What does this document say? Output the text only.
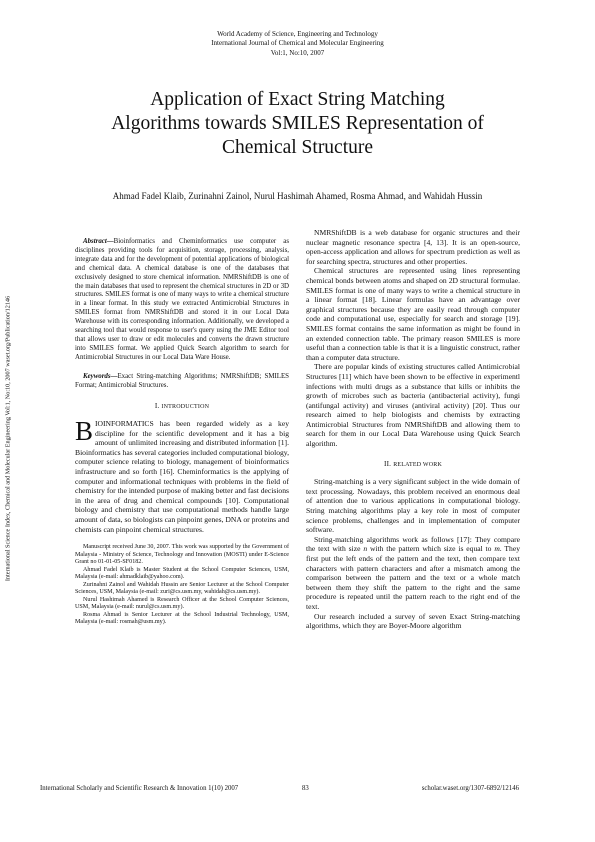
World Academy of Science, Engineering and Technology
International Journal of Chemical and Molecular Engineering
Vol:1, No:10, 2007
International Science Index, Chemical and Molecular Engineering Vol:1, No:10, 2007 waset.org/Publication/12146
Application of Exact String Matching
Algorithms towards SMILES Representation of
Chemical Structure
Ahmad Fadel Klaib, Zurinahni Zainol, Nurul Hashimah Ahamed, Rosma Ahmad, and Wahidah Hussin

Abstract—Bioinformatics and Cheminformatics use computer as disciplines providing tools for acquisition, storage, processing, analysis, integrate data and for the development of potential applications of biological and chemical data. A chemical database is one of the databases that exclusively designed to store chemical information. NMRShiftDB is one of the main databases that used to represent the chemical structures in 2D or 3D structures. SMILES format is one of many ways to write a chemical structure in a linear format. In this study we extracted Antimicrobial Structures in SMILES format from NMRShiftDB and stored it in our Local Data Warehouse with its corresponding information. Additionally, we developed a searching tool that would response to user's query using the JME Editor tool that allows user to draw or edit molecules and converts the drawn structure into SMILES format. We applied Quick Search algorithm to search for Antimicrobial Structures in our Local Data Ware House.

Keywords—Exact String-matching Algorithms; NMRShiftDB; SMILES Format; Antimicrobial Structures.

I. INTRODUCTION

BIOINFORMATICS has been regarded widely as a key discipline for the scientific development and it has a big amount of unlimited increasing and distributed information [1]. Bioinformatics has several categories included computational biology, computer science relating to biology, management of bioinformatics infrastructure and so forth [16]. Cheminformatics is the applying of computer and informational techniques with problems in the field of chemistry for the intended purpose of making better and fast decisions in the area of drug and chemical compounds [10]. Computational biology and chemistry that use computational methods handle large amount of data, so biologists can pinpoint genes, DNA or proteins and chemists can pinpoint chemical structures.

Manuscript received June 30, 2007. This work was supported by the Government of Malaysia - Ministry of Science, Technology and Innovation (MOSTI) under E-Science Grant no 01-01-05-SF0182.

Ahmad Fadel Klaib is Master Student at the School Computer Sciences, USM, Malaysia (e-mail: ahmadklaib@yahoo.com).

Zurinahni Zainol and Wahidah Hussin are Senior Lecturer at the School Computer Sciences, USM, Malaysia (e-mail: zuri@cs.usm.my, wahidah@cs.usm.my).

Nurul Hashimah Ahamed is Research Officer at the School Computer Sciences, USM, Malaysia (e-mail: nurul@cs.usm.my).

Rosma Ahmad is Senior Lecturer at the School Industrial Technology, USM, Malaysia (e-mail: rosmah@usm.my).

NMRShiftDB is a web database for organic structures and their nuclear magnetic resonance spectra [4, 13]. It is an open-source, open-access application and allows for spectrum prediction as well as for searching spectra, structures and other properties.

Chemical structures are represented using lines representing chemical bonds between atoms and shaped on 2D structural formulae. SMILES format is one of many ways to write a chemical structure in a linear format [18]. Linear formulas have an advantage over graphical structures because they are easily read through computer code and computational use, especially for search and storage [19]. SMILES format contains the same information as might be found in an extended connection table. The primary reason SMILES is more useful than a connection table is that it is a linguistic construct, rather than a computer data structure.

There are popular kinds of existing structures called Antimicrobial Structures [11] which have been shown to be effective in experimentl infections with multi drugs as a substance that kills or inhibits the growth of microbes such as bacteria (antibacterial activity), fungi (antifungal activity) and viruses (antiviral activity) [20]. Thus our research aimed to help biologists and chemists by extracting Antimicrobial Structures from NMRShiftDB and allowing them to search for them in our Local Data Warehouse using Quick Search algorithm.

II. RELATED WORK

String-matching is a very significant subject in the wide domain of text processing. Nowadays, this problem received an enormous deal of attention due to various applications in computational biology. String matching algorithms play a key role in most of computer science problems, challenges and in implementation of computer software.

String-matching algorithms work as follows [17]: They compare the text with size n with the pattern which size is equal to m. They first put the left ends of the pattern and the text, then compare text characters with pattern characters and after a mismatch among the comparison between the pattern and the text or a whole match between them they shift the pattern to the right and the same procedure is repeated until the pattern reach to the right end of the text.

Our research included a survey of seven Exact String-matching algorithms, which they are Boyer-Moore algorithm

International Scholarly and Scientific Research & Innovation 1(10) 2007	83	scholar.waset.org/1307-6892/12146
